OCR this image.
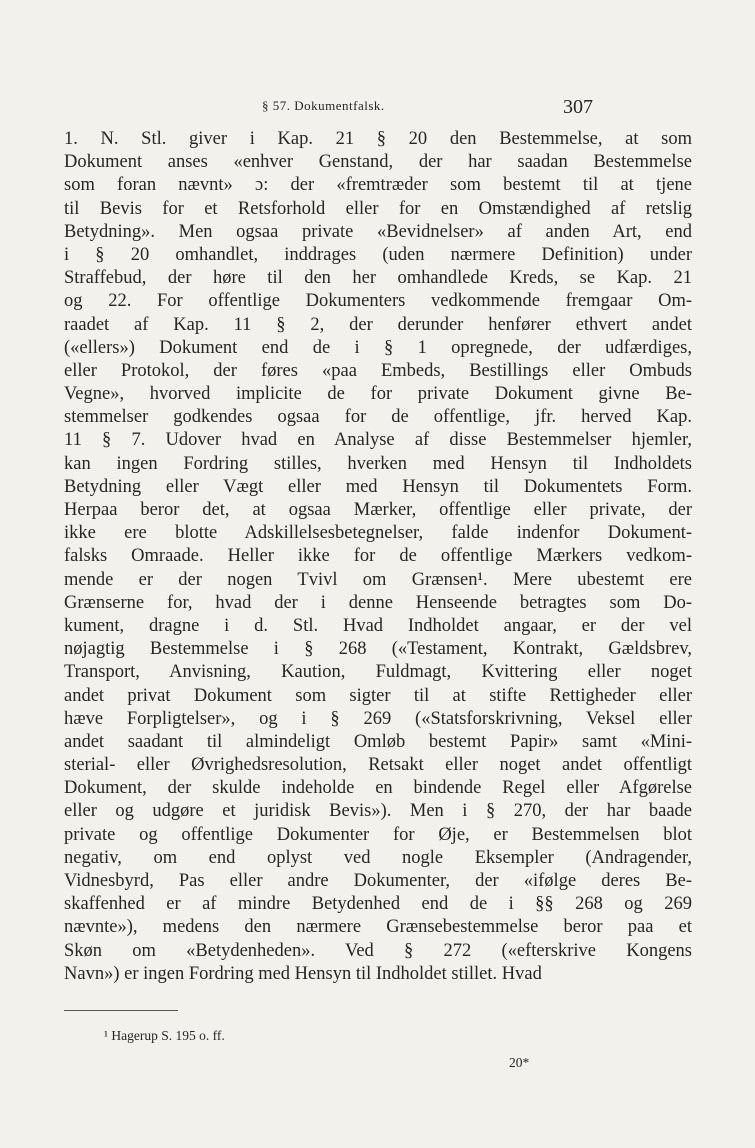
§ 57. Dokumentfalsk.	307
1. N. Stl. giver i Kap. 21 § 20 den Bestemmelse, at som
Dokument anses «enhver Genstand, der har saadan Bestemmelse
som foran nævnt» ɔ: der «fremtræder som bestemt til at tjene
til Bevis for et Retsforhold eller for en Omstændighed af retslig
Betydning». Men ogsaa private «Bevidnelser» af anden Art, end
i § 20 omhandlet, inddrages (uden nærmere Definition) under
Straffebud, der høre til den her omhandlede Kreds, se Kap. 21
og 22. For offentlige Dokumenters vedkommende fremgaar Om-
raadet af Kap. 11 § 2, der derunder henfører ethvert andet
(«ellers») Dokument end de i § 1 opregnede, der udfærdiges,
eller Protokol, der føres «paa Embeds, Bestillings eller Ombuds
Vegne», hvorved implicite de for private Dokument givne Be-
stemmelser godkendes ogsaa for de offentlige, jfr. herved Kap.
11 § 7. Udover hvad en Analyse af disse Bestemmelser hjemler,
kan ingen Fordring stilles, hverken med Hensyn til Indholdets
Betydning eller Vægt eller med Hensyn til Dokumentets Form.
Herpaa beror det, at ogsaa Mærker, offentlige eller private, der
ikke ere blotte Adskillelsesbetegnelser, falde indenfor Dokument-
falsks Omraade. Heller ikke for de offentlige Mærkers vedkom-
mende er der nogen Tvivl om Grænsen¹. Mere ubestemt ere
Grænserne for, hvad der i denne Henseende betragtes som Do-
kument, dragne i d. Stl. Hvad Indholdet angaar, er der vel
nøjagtig Bestemmelse i § 268 («Testament, Kontrakt, Gældsbrev,
Transport, Anvisning, Kaution, Fuldmagt, Kvittering eller noget
andet privat Dokument som sigter til at stifte Rettigheder eller
hæve Forpligtelser», og i § 269 («Statsforskrivning, Veksel eller
andet saadant til almindeligt Omløb bestemt Papir» samt «Mini-
sterial- eller Øvrighedsresolution, Retsakt eller noget andet offentligt
Dokument, der skulde indeholde en bindende Regel eller Afgørelse
eller og udgøre et juridisk Bevis»). Men i § 270, der har baade
private og offentlige Dokumenter for Øje, er Bestemmelsen blot
negativ, om end oplyst ved nogle Eksempler (Andragender,
Vidnesbyrd, Pas eller andre Dokumenter, der «ifølge deres Be-
skaffenhed er af mindre Betydenhed end de i §§ 268 og 269
nævnte»), medens den nærmere Grænsebestemmelse beror paa et
Skøn om «Betydenheden». Ved § 272 («efterskrive Kongens
Navn») er ingen Fordring med Hensyn til Indholdet stillet. Hvad
¹ Hagerup S. 195 o. ff.
20*
